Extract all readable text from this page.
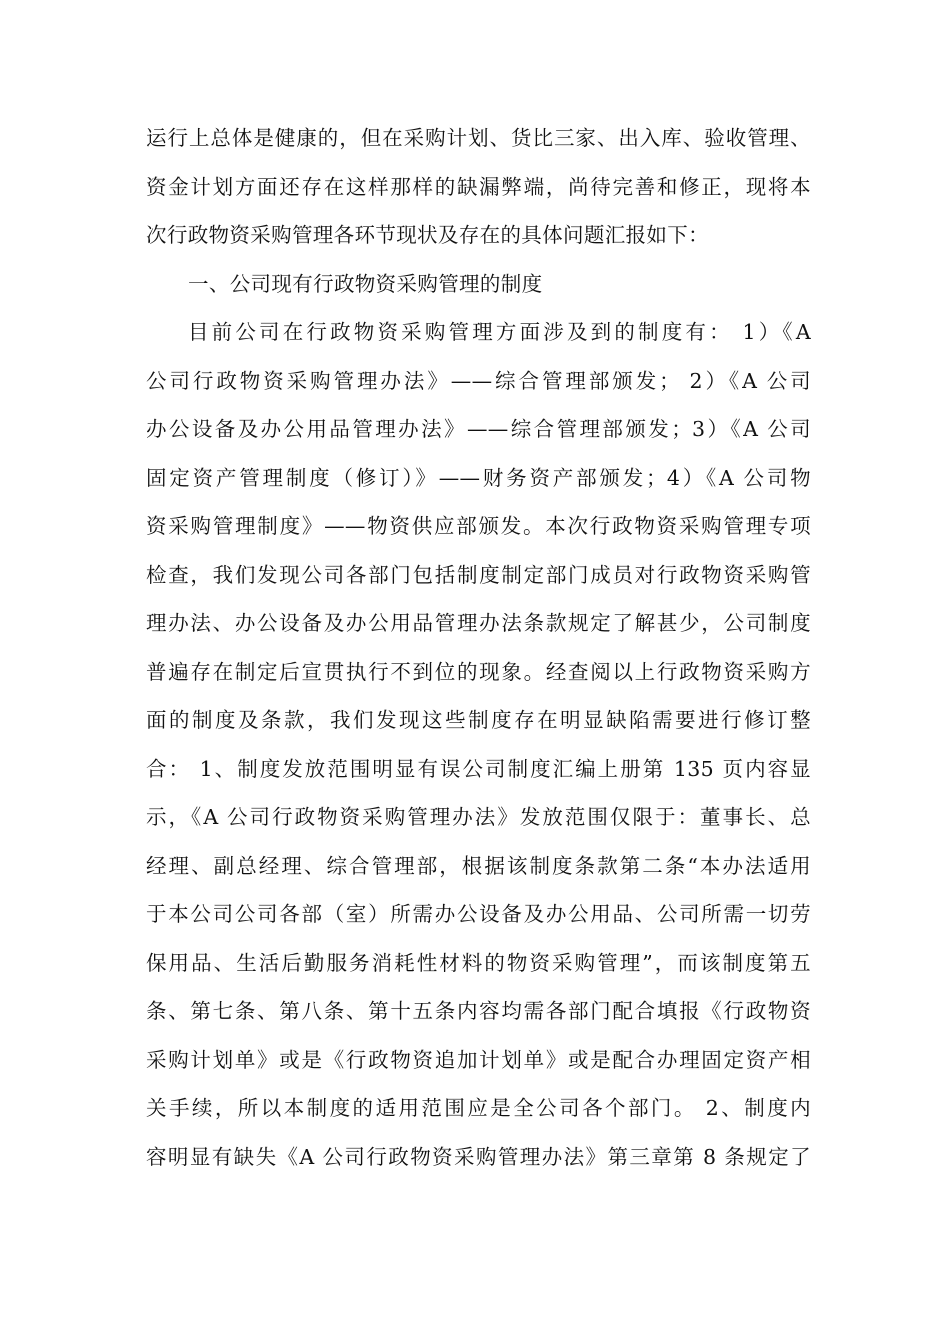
运行上总体是健康的，但在采购计划、货比三家、出入库、验收管理、
资金计划方面还存在这样那样的缺漏弊端，尚待完善和修正，现将本
次行政物资采购管理各环节现状及存在的具体问题汇报如下：
一、公司现有行政物资采购管理的制度
目前公司在行政物资采购管理方面涉及到的制度有： 1）《A
公司行政物资采购管理办法》——综合管理部颁发； 2）《A 公司
办公设备及办公用品管理办法》——综合管理部颁发；3）《A 公司
固定资产管理制度（修订）》——财务资产部颁发；4）《A 公司物
资采购管理制度》——物资供应部颁发。本次行政物资采购管理专项
检查，我们发现公司各部门包括制度制定部门成员对行政物资采购管
理办法、办公设备及办公用品管理办法条款规定了解甚少，公司制度
普遍存在制定后宣贯执行不到位的现象。经查阅以上行政物资采购方
面的制度及条款，我们发现这些制度存在明显缺陷需要进行修订整
合： 1、制度发放范围明显有误公司制度汇编上册第 135 页内容显
示，《A 公司行政物资采购管理办法》发放范围仅限于：董事长、总
经理、副总经理、综合管理部，根据该制度条款第二条“本办法适用
于本公司公司各部（室）所需办公设备及办公用品、公司所需一切劳
保用品、生活后勤服务消耗性材料的物资采购管理”，而该制度第五
条、第七条、第八条、第十五条内容均需各部门配合填报《行政物资
采购计划单》或是《行政物资追加计划单》或是配合办理固定资产相
关手续，所以本制度的适用范围应是全公司各个部门。 2、制度内
容明显有缺失《A 公司行政物资采购管理办法》第三章第 8 条规定了
